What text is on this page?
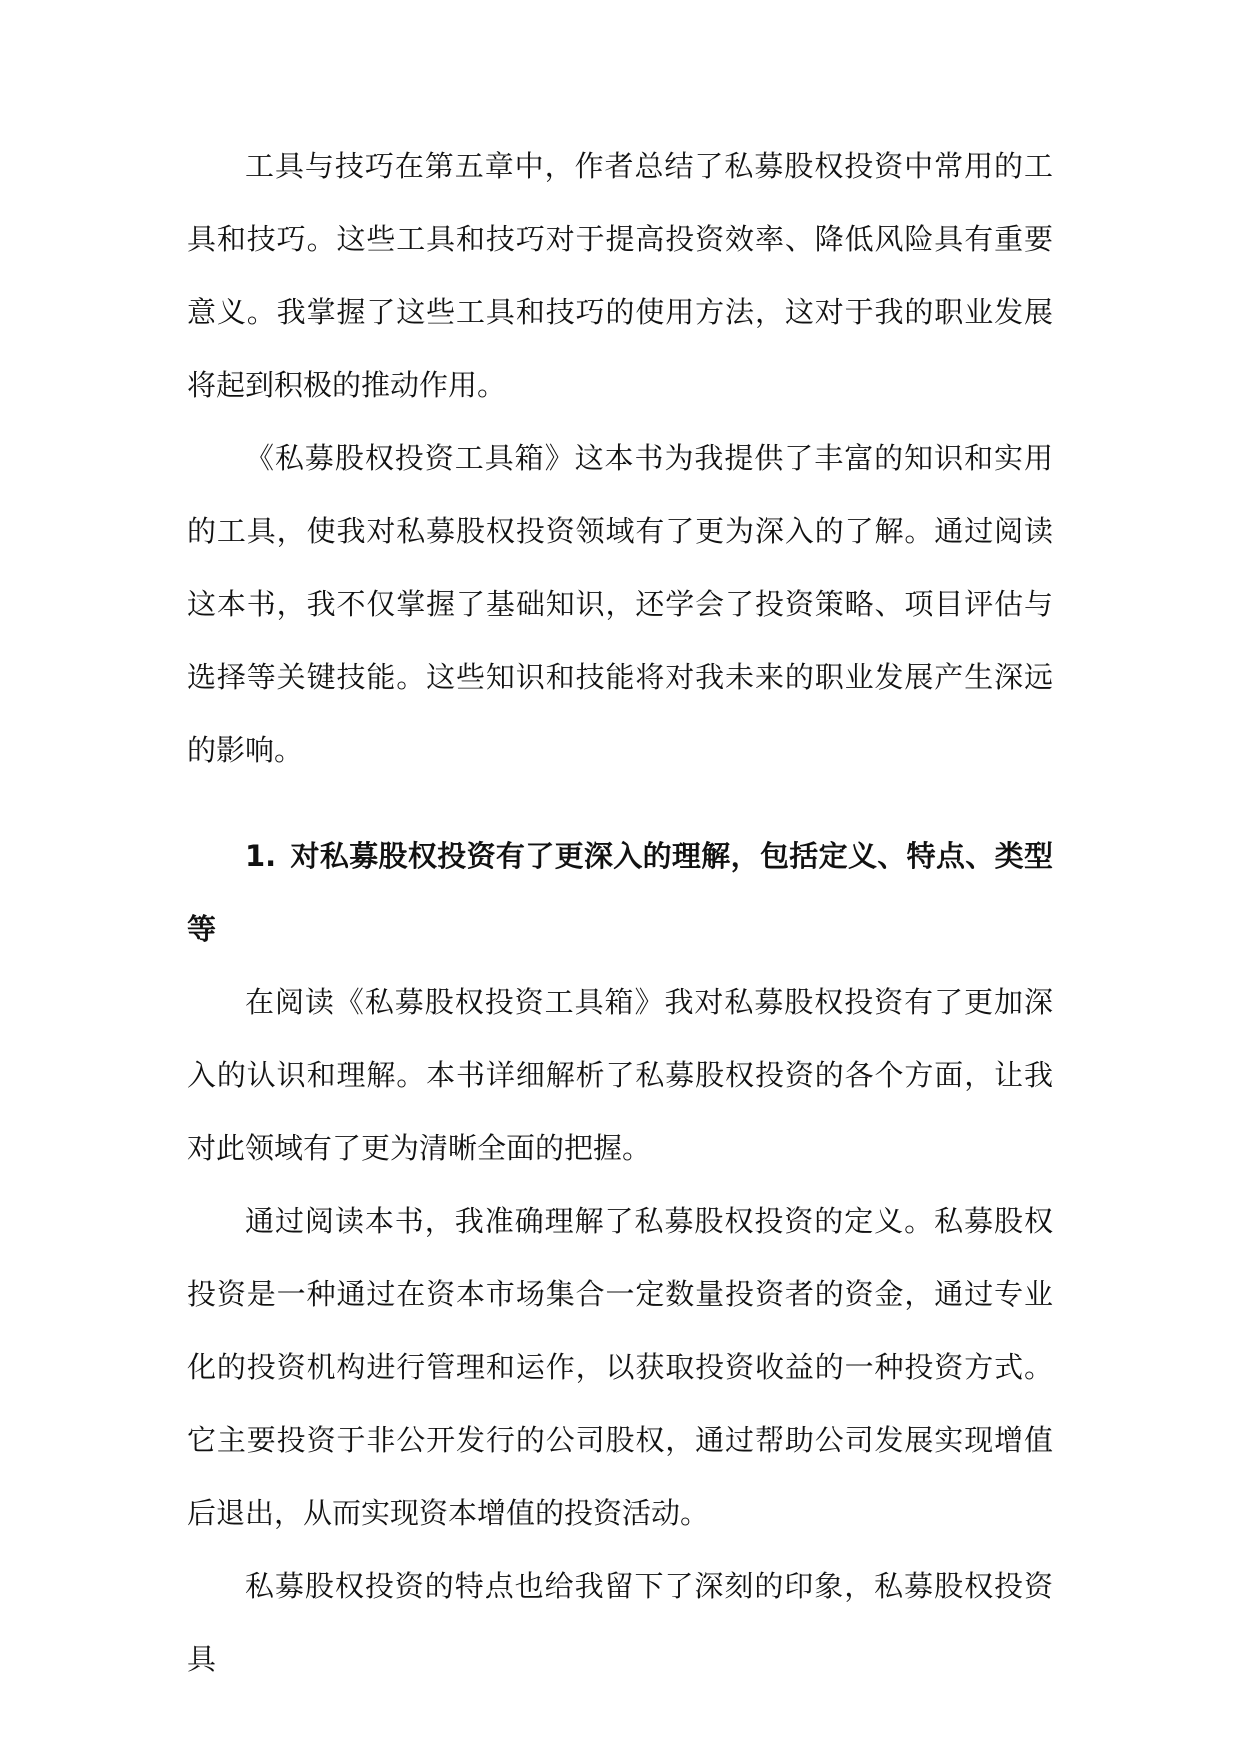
工具与技巧在第五章中，作者总结了私募股权投资中常用的工具和技巧。这些工具和技巧对于提高投资效率、降低风险具有重要意义。我掌握了这些工具和技巧的使用方法，这对于我的职业发展将起到积极的推动作用。

《私募股权投资工具箱》这本书为我提供了丰富的知识和实用的工具，使我对私募股权投资领域有了更为深入的了解。通过阅读这本书，我不仅掌握了基础知识，还学会了投资策略、项目评估与选择等关键技能。这些知识和技能将对我未来的职业发展产生深远的影响。

1. 对私募股权投资有了更深入的理解，包括定义、特点、类型等

在阅读《私募股权投资工具箱》我对私募股权投资有了更加深入的认识和理解。本书详细解析了私募股权投资的各个方面，让我对此领域有了更为清晰全面的把握。

通过阅读本书，我准确理解了私募股权投资的定义。私募股权投资是一种通过在资本市场集合一定数量投资者的资金，通过专业化的投资机构进行管理和运作，以获取投资收益的一种投资方式。它主要投资于非公开发行的公司股权，通过帮助公司发展实现增值后退出，从而实现资本增值的投资活动。

私募股权投资的特点也给我留下了深刻的印象，私募股权投资具
